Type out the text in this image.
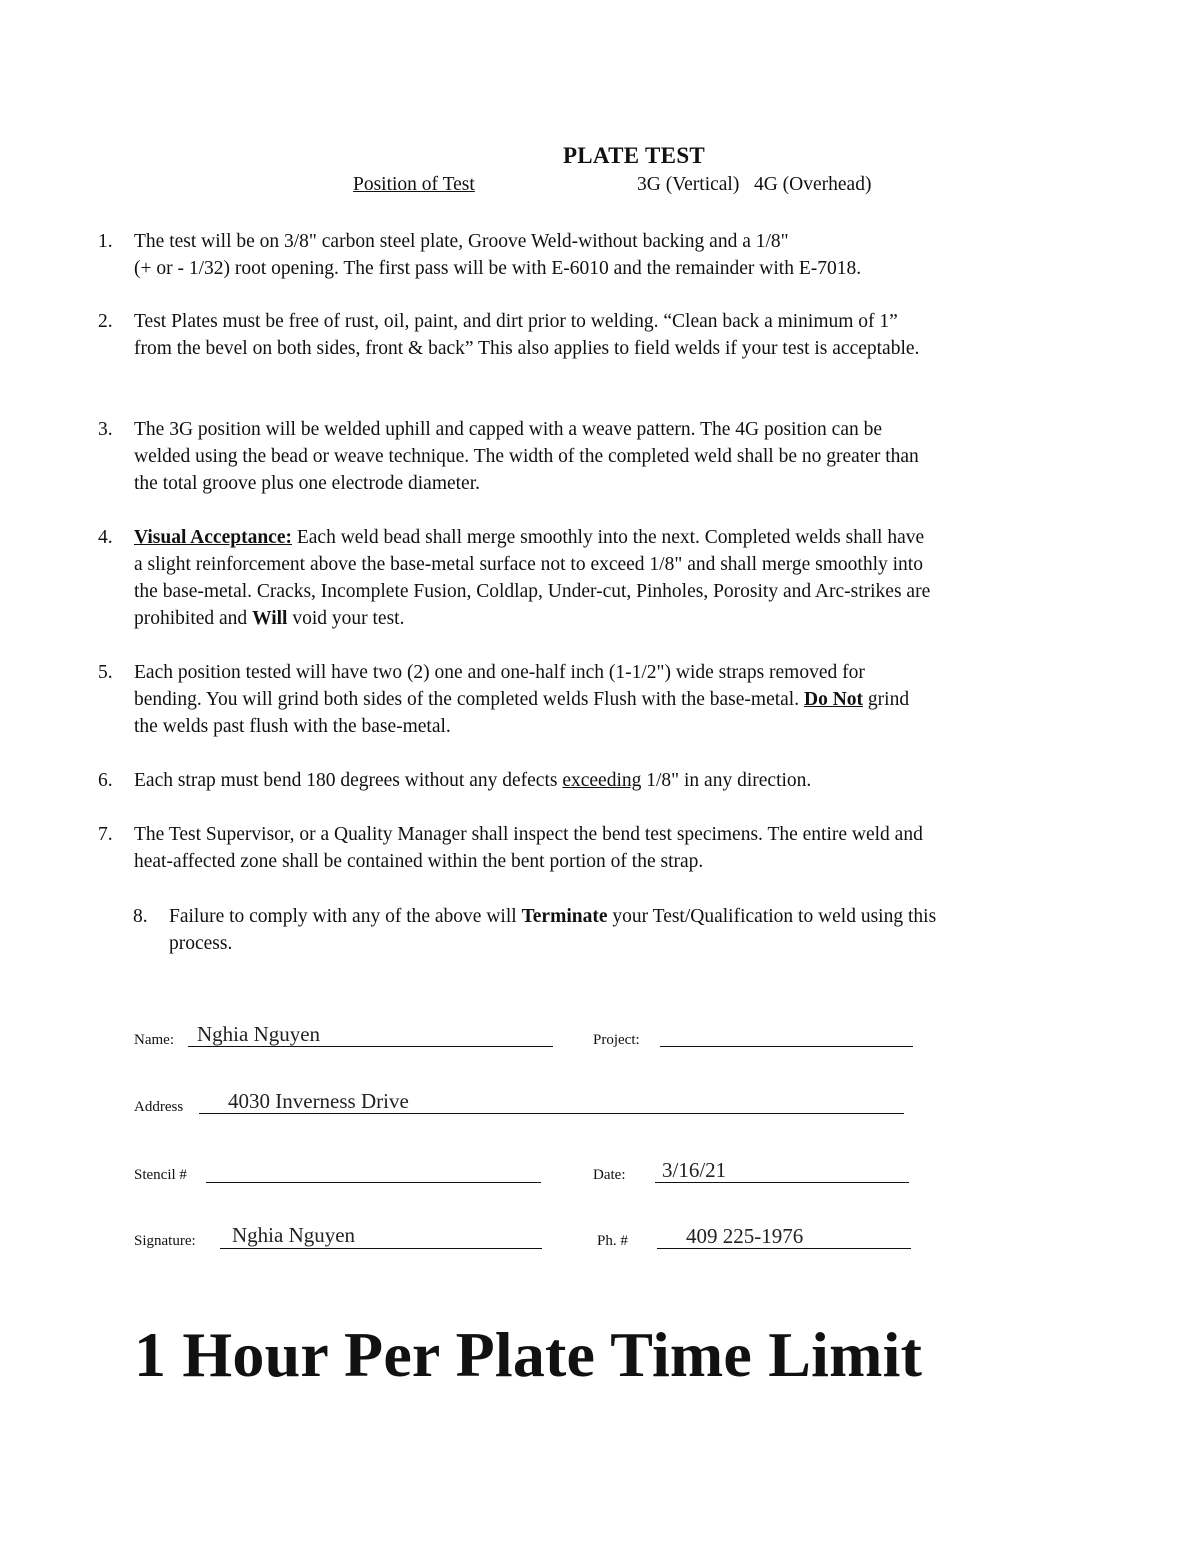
PLATE TEST
Position of Test	3G (Vertical)   4G (Overhead)
1. The test will be on 3/8" carbon steel plate, Groove Weld-without backing and a 1/8"
(+ or - 1/32) root opening. The first pass will be with E-6010 and the remainder with E-7018.
2. Test Plates must be free of rust, oil, paint, and dirt prior to welding. “Clean back a minimum of 1”
from the bevel on both sides, front & back” This also applies to field welds if your test is acceptable.
3. The 3G position will be welded uphill and capped with a weave pattern. The 4G position can be
welded using the bead or weave technique. The width of the completed weld shall be no greater than
the total groove plus one electrode diameter.
4. Visual Acceptance: Each weld bead shall merge smoothly into the next. Completed welds shall have
a slight reinforcement above the base-metal surface not to exceed 1/8" and shall merge smoothly into
the base-metal. Cracks, Incomplete Fusion, Coldlap, Under-cut, Pinholes, Porosity and Arc-strikes are
prohibited and Will void your test.
5. Each position tested will have two (2) one and one-half inch (1-1/2") wide straps removed for
bending. You will grind both sides of the completed welds Flush with the base-metal. Do Not grind
the welds past flush with the base-metal.
6. Each strap must bend 180 degrees without any defects exceeding 1/8" in any direction.
7. The Test Supervisor, or a Quality Manager shall inspect the bend test specimens. The entire weld and
heat-affected zone shall be contained within the bent portion of the strap.
8. Failure to comply with any of the above will Terminate your Test/Qualification to weld using this
process.
Name: Nghia Nguyen	Project:
Address 4030 Inverness Drive
Stencil #	Date: 3/16/21
Signature: Nghia Nguyen	Ph. #	409 225-1976
1 Hour Per Plate Time Limit
